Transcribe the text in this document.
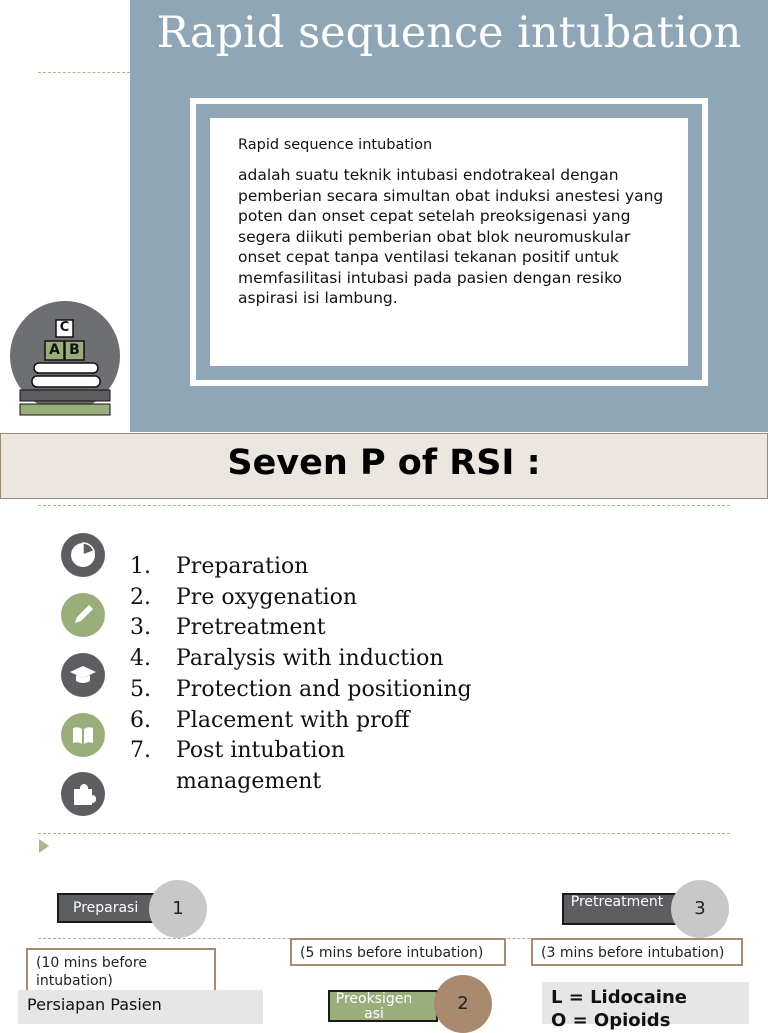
Rapid sequence intubation
Rapid sequence intubation
adalah suatu teknik intubasi endotrakeal dengan pemberian secara simultan obat induksi anestesi yang poten dan onset cepat setelah preoksigenasi yang segera diikuti pemberian obat blok neuromuskular onset cepat tanpa ventilasi tekanan positif untuk memfasilitasi intubasi pada pasien dengan resiko aspirasi isi lambung.
C
A B
Seven P of RSI :
1. Preparation
2. Pre oxygenation
3. Pretreatment
4. Paralysis with induction
5. Protection and positioning
6. Placement with proff
7. Post intubation management
Preparasi	1
(10 mins before intubation)
Persiapan Pasien
(5 mins before intubation)
Preoksigenasi	2
Pretreatment	3
(3 mins before intubation)
L = Lidocaine
O = Opioids
